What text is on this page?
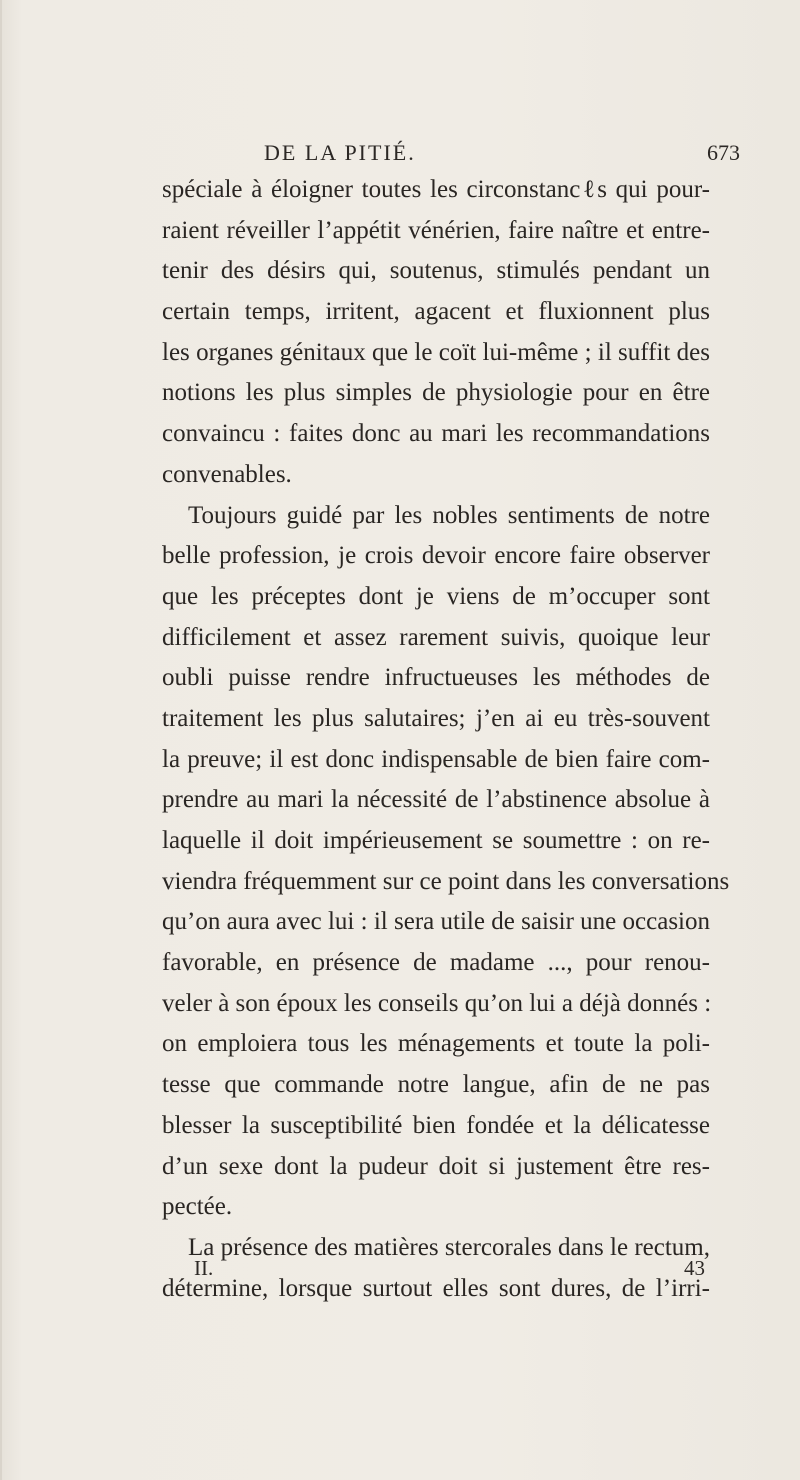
DE LA PITIÉ.	673
spéciale à éloigner toutes les circonstancℓs qui pour-
raient réveiller l’appétit vénérien, faire naître et entre-
tenir des désirs qui, soutenus, stimulés pendant un
certain temps, irritent, agacent et fluxionnent plus
les organes génitaux que le coït lui-même ; il suffit des
notions les plus simples de physiologie pour en être
convaincu : faites donc au mari les recommandations
convenables.
Toujours guidé par les nobles sentiments de notre
belle profession, je crois devoir encore faire observer
que les préceptes dont je viens de m’occuper sont
difficilement et assez rarement suivis, quoique leur
oubli puisse rendre infructueuses les méthodes de
traitement les plus salutaires; j’en ai eu très-souvent
la preuve; il est donc indispensable de bien faire com-
prendre au mari la nécessité de l’abstinence absolue à
laquelle il doit impérieusement se soumettre : on re-
viendra fréquemment sur ce point dans les conversations
qu’on aura avec lui : il sera utile de saisir une occasion
favorable, en présence de madame ..., pour renou-
veler à son époux les conseils qu’on lui a déjà donnés :
on emploiera tous les ménagements et toute la poli-
tesse que commande notre langue, afin de ne pas
blesser la susceptibilité bien fondée et la délicatesse
d’un sexe dont la pudeur doit si justement être res-
pectée.
La présence des matières stercorales dans le rectum,
détermine, lorsque surtout elles sont dures, de l’irri-
II.	43
